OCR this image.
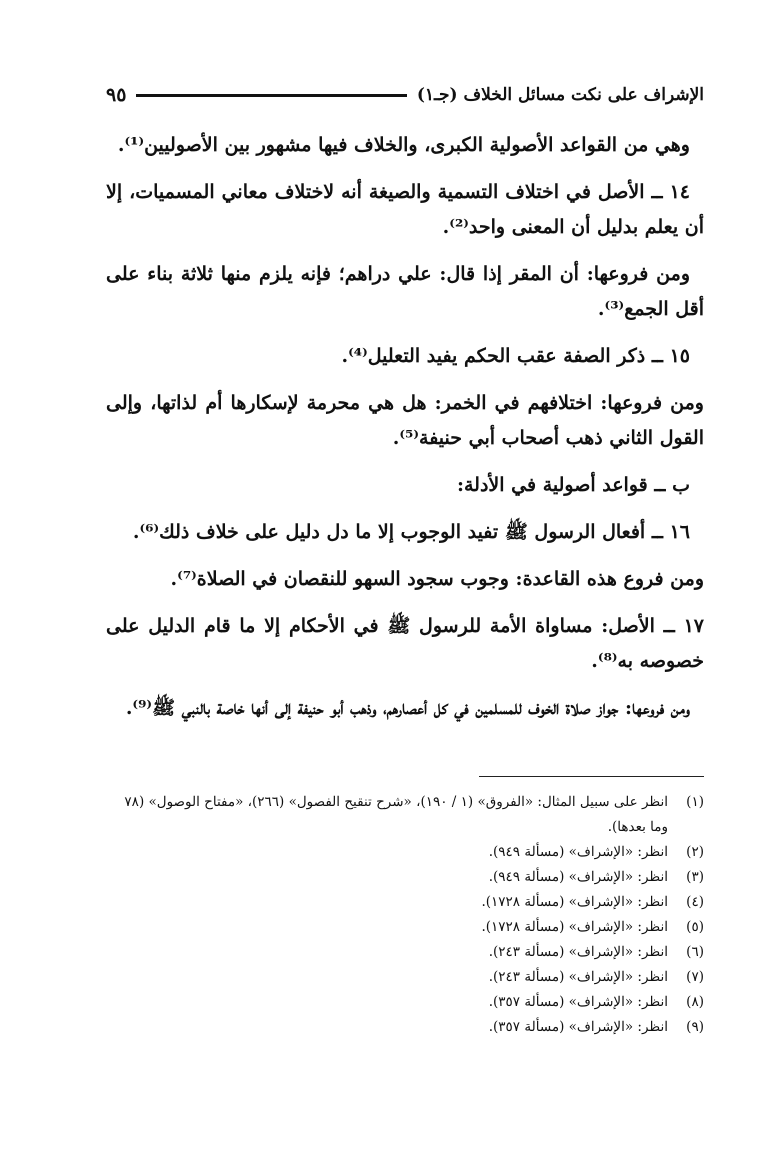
الإشراف على نكت مسائل الخلاف (جـ١)
٩٥

وهي من القواعد الأصولية الكبرى، والخلاف فيها مشهور بين الأصوليين⁽¹⁾.

١٤ ــ الأصل في اختلاف التسمية والصيغة أنه لاختلاف معاني المسميات، إلا أن يعلم بدليل أن المعنى واحد⁽²⁾.

ومن فروعها: أن المقر إذا قال: علي دراهم؛ فإنه يلزم منها ثلاثة بناء على أقل الجمع⁽³⁾.

١٥ ــ ذكر الصفة عقب الحكم يفيد التعليل⁽⁴⁾.

ومن فروعها: اختلافهم في الخمر: هل هي محرمة لإسكارها أم لذاتها، وإلى القول الثاني ذهب أصحاب أبي حنيفة⁽⁵⁾.

ب ــ قواعد أصولية في الأدلة:

١٦ ــ أفعال الرسول ﷺ تفيد الوجوب إلا ما دل دليل على خلاف ذلك⁽⁶⁾.

ومن فروع هذه القاعدة: وجوب سجود السهو للنقصان في الصلاة⁽⁷⁾.

١٧ ــ الأصل: مساواة الأمة للرسول ﷺ في الأحكام إلا ما قام الدليل على خصوصه به⁽⁸⁾.

ومن فروعها: جواز صلاة الخوف للمسلمين في كل أعصارهم، وذهب أبو حنيفة إلى أنها خاصة بالنبي ﷺ⁽⁹⁾.

(١)
انظر على سبيل المثال: «الفروق» (١ / ١٩٠)، «شرح تنقيح الفصول» (٢٦٦)، «مفتاح الوصول» (٧٨ وما بعدها).
(٢)
انظر: «الإشراف» (مسألة ٩٤٩).
(٣)
انظر: «الإشراف» (مسألة ٩٤٩).
(٤)
انظر: «الإشراف» (مسألة ١٧٢٨).
(٥)
انظر: «الإشراف» (مسألة ١٧٢٨).
(٦)
انظر: «الإشراف» (مسألة ٢٤٣).
(٧)
انظر: «الإشراف» (مسألة ٢٤٣).
(٨)
انظر: «الإشراف» (مسألة ٣٥٧).
(٩)
انظر: «الإشراف» (مسألة ٣٥٧).
